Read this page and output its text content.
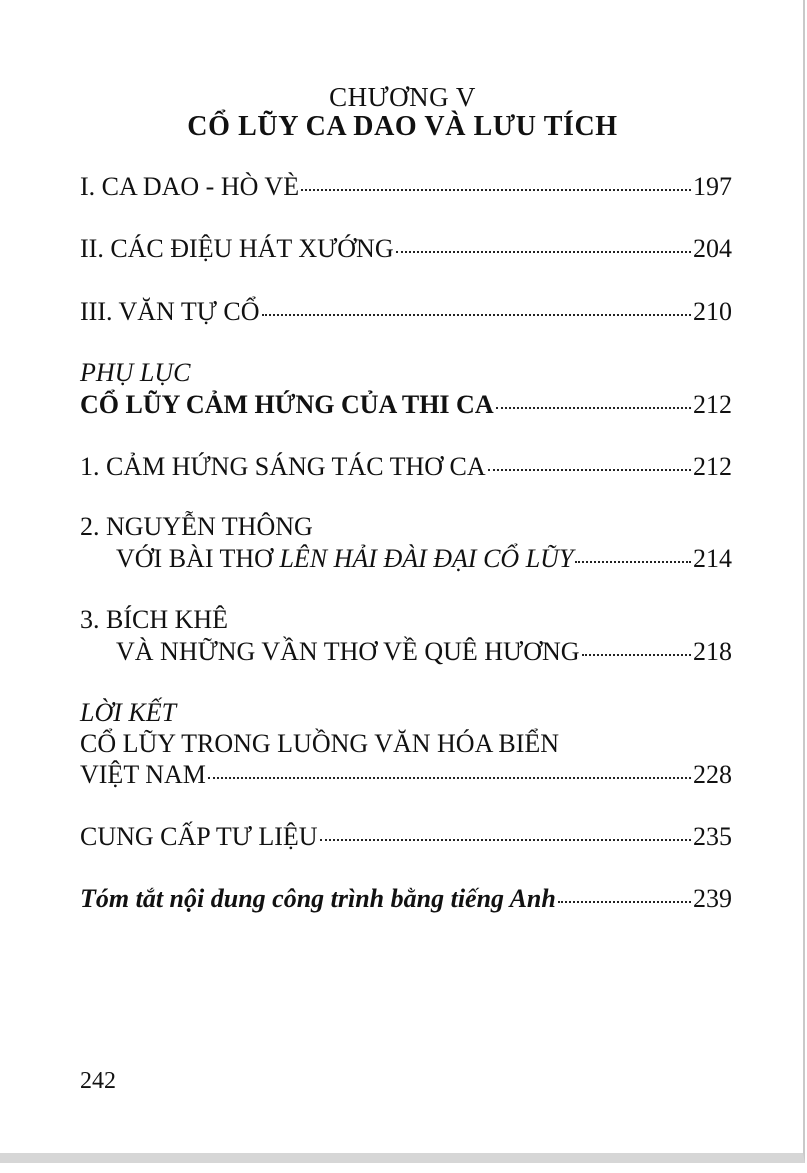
CHƯƠNG V
CỔ LŨY CA DAO VÀ LƯU TÍCH
I. CA DAO - HÒ VÈ	197
II. CÁC ĐIỆU HÁT XƯỚNG	204
III. VĂN TỰ CỔ	210
PHỤ LỤC
CỔ LŨY CẢM HỨNG CỦA THI CA	212
1. CẢM HỨNG SÁNG TÁC THƠ CA	212
2. NGUYỄN THÔNG
VỚI BÀI THƠ LÊN HẢI ĐÀI ĐẠI CỔ LŨY	214
3. BÍCH KHÊ
VÀ NHỮNG VẦN THƠ VỀ QUÊ HƯƠNG	218
LỜI KẾT
CỔ LŨY TRONG LUỒNG VĂN HÓA BIỂN
VIỆT NAM	228
CUNG CẤP TƯ LIỆU	235
Tóm tắt nội dung công trình bằng tiếng Anh	239
242
